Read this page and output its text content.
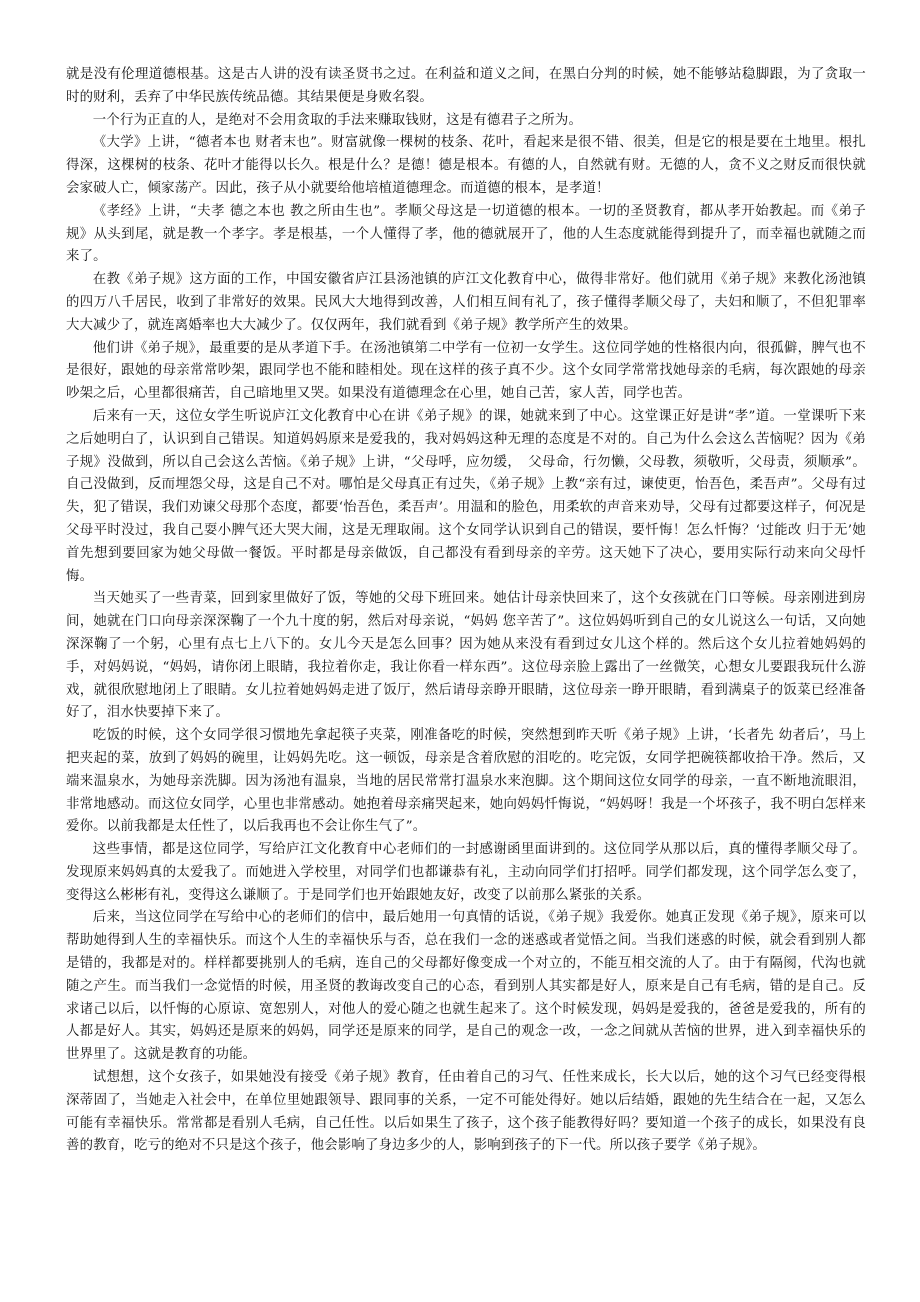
就是没有伦理道德根基。这是古人讲的没有读圣贤书之过。在利益和道义之间，在黑白分判的时候，她不能够站稳脚跟，为了贪取一时的财利，丢弃了中华民族传统品德。其结果便是身败名裂。

一个行为正直的人，是绝对不会用贪取的手法来赚取钱财，这是有德君子之所为。

《大学》上讲，“德者本也 财者末也”。财富就像一棵树的枝条、花叶，看起来是很不错、很美，但是它的根是要在土地里。根扎得深，这棵树的枝条、花叶才能得以长久。根是什么？是德！德是根本。有德的人，自然就有财。无德的人，贪不义之财反而很快就会家破人亡，倾家荡产。因此，孩子从小就要给他培植道德理念。而道德的根本，是孝道！

《孝经》上讲，“夫孝 德之本也 教之所由生也”。孝顺父母这是一切道德的根本。一切的圣贤教育，都从孝开始教起。而《弟子规》从头到尾，就是教一个孝字。孝是根基，一个人懂得了孝，他的德就展开了，他的人生态度就能得到提升了，而幸福也就随之而来了。

在教《弟子规》这方面的工作，中国安徽省庐江县汤池镇的庐江文化教育中心，做得非常好。他们就用《弟子规》来教化汤池镇的四万八千居民，收到了非常好的效果。民风大大地得到改善，人们相互间有礼了，孩子懂得孝顺父母了，夫妇和顺了，不但犯罪率大大减少了，就连离婚率也大大减少了。仅仅两年，我们就看到《弟子规》教学所产生的效果。

他们讲《弟子规》，最重要的是从孝道下手。在汤池镇第二中学有一位初一女学生。这位同学她的性格很内向，很孤僻，脾气也不是很好，跟她的母亲常常吵架，跟同学也不能和睦相处。现在这样的孩子真不少。这个女同学常常找她母亲的毛病，每次跟她的母亲吵架之后，心里都很痛苦，自己暗地里又哭。如果没有道德理念在心里，她自己苦，家人苦，同学也苦。

后来有一天，这位女学生听说庐江文化教育中心在讲《弟子规》的课，她就来到了中心。这堂课正好是讲“孝”道。一堂课听下来之后她明白了，认识到自己错误。知道妈妈原来是爱我的，我对妈妈这种无理的态度是不对的。自己为什么会这么苦恼呢？因为《弟子规》没做到，所以自己会这么苦恼。《弟子规》上讲，“父母呼，应勿缓，　父母命，行勿懒，父母教，须敬听，父母责，须顺承”。自己没做到，反而埋怨父母，这是自己不对。哪怕是父母真正有过失，《弟子规》上教“亲有过，谏使更，怡吾色，柔吾声”。父母有过失，犯了错误，我们劝谏父母那个态度，都要‘怡吾色，柔吾声’。用温和的脸色，用柔软的声音来劝导，父母有过都要这样子，何况是父母平时没过，我自己耍小脾气还大哭大闹，这是无理取闹。这个女同学认识到自己的错误，要忏悔！怎么忏悔？‘过能改 归于无’她首先想到要回家为她父母做一餐饭。平时都是母亲做饭，自己都没有看到母亲的辛劳。这天她下了决心，要用实际行动来向父母忏悔。

当天她买了一些青菜，回到家里做好了饭，等她的父母下班回来。她估计母亲快回来了，这个女孩就在门口等候。母亲刚进到房间，她就在门口向母亲深深鞠了一个九十度的躬，然后对母亲说，“妈妈 您辛苦了”。这位妈妈听到自己的女儿说这么一句话，又向她深深鞠了一个躬，心里有点七上八下的。女儿今天是怎么回事？因为她从来没有看到过女儿这个样的。然后这个女儿拉着她妈妈的手，对妈妈说，“妈妈，请你闭上眼睛，我拉着你走，我让你看一样东西”。这位母亲脸上露出了一丝微笑，心想女儿要跟我玩什么游戏，就很欣慰地闭上了眼睛。女儿拉着她妈妈走进了饭厅，然后请母亲睁开眼睛，这位母亲一睁开眼睛，看到满桌子的饭菜已经准备好了，泪水快要掉下来了。

吃饭的时候，这个女同学很习惯地先拿起筷子夹菜，刚准备吃的时候，突然想到昨天听《弟子规》上讲，‘长者先 幼者后’，马上把夹起的菜，放到了妈妈的碗里，让妈妈先吃。这一顿饭，母亲是含着欣慰的泪吃的。吃完饭，女同学把碗筷都收拾干净。然后，又端来温泉水，为她母亲洗脚。因为汤池有温泉，当地的居民常常打温泉水来泡脚。这个期间这位女同学的母亲，一直不断地流眼泪，非常地感动。而这位女同学，心里也非常感动。她抱着母亲痛哭起来，她向妈妈忏悔说，“妈妈呀！我是一个坏孩子，我不明白怎样来爱你。以前我都是太任性了，以后我再也不会让你生气了”。

这些事情，都是这位同学，写给庐江文化教育中心老师们的一封感谢函里面讲到的。这位同学从那以后，真的懂得孝顺父母了。发现原来妈妈真的太爱我了。而她进入学校里，对同学们也都谦恭有礼，主动向同学们打招呼。同学们都发现，这个同学怎么变了，变得这么彬彬有礼，变得这么谦顺了。于是同学们也开始跟她友好，改变了以前那么紧张的关系。

后来，当这位同学在写给中心的老师们的信中，最后她用一句真情的话说，《弟子规》我爱你。她真正发现《弟子规》，原来可以帮助她得到人生的幸福快乐。而这个人生的幸福快乐与否，总在我们一念的迷惑或者觉悟之间。当我们迷惑的时候，就会看到别人都是错的，我都是对的。样样都要挑别人的毛病，连自己的父母都好像变成一个对立的，不能互相交流的人了。由于有隔阂，代沟也就随之产生。而当我们一念觉悟的时候，用圣贤的教诲改变自己的心态，看到别人其实都是好人，原来是自己有毛病，错的是自己。反求诸己以后，以忏悔的心原谅、宽恕别人，对他人的爱心随之也就生起来了。这个时候发现，妈妈是爱我的，爸爸是爱我的，所有的人都是好人。其实，妈妈还是原来的妈妈，同学还是原来的同学，是自己的观念一改，一念之间就从苦恼的世界，进入到幸福快乐的世界里了。这就是教育的功能。

试想想，这个女孩子，如果她没有接受《弟子规》教育，任由着自己的习气、任性来成长，长大以后，她的这个习气已经变得根深蒂固了，当她走入社会中，在单位里她跟领导、跟同事的关系，一定不可能处得好。她以后结婚，跟她的先生结合在一起，又怎么可能有幸福快乐。常常都是看别人毛病，自己任性。以后如果生了孩子，这个孩子能教得好吗？要知道一个孩子的成长，如果没有良善的教育，吃亏的绝对不只是这个孩子，他会影响了身边多少的人，影响到孩子的下一代。所以孩子要学《弟子规》。
